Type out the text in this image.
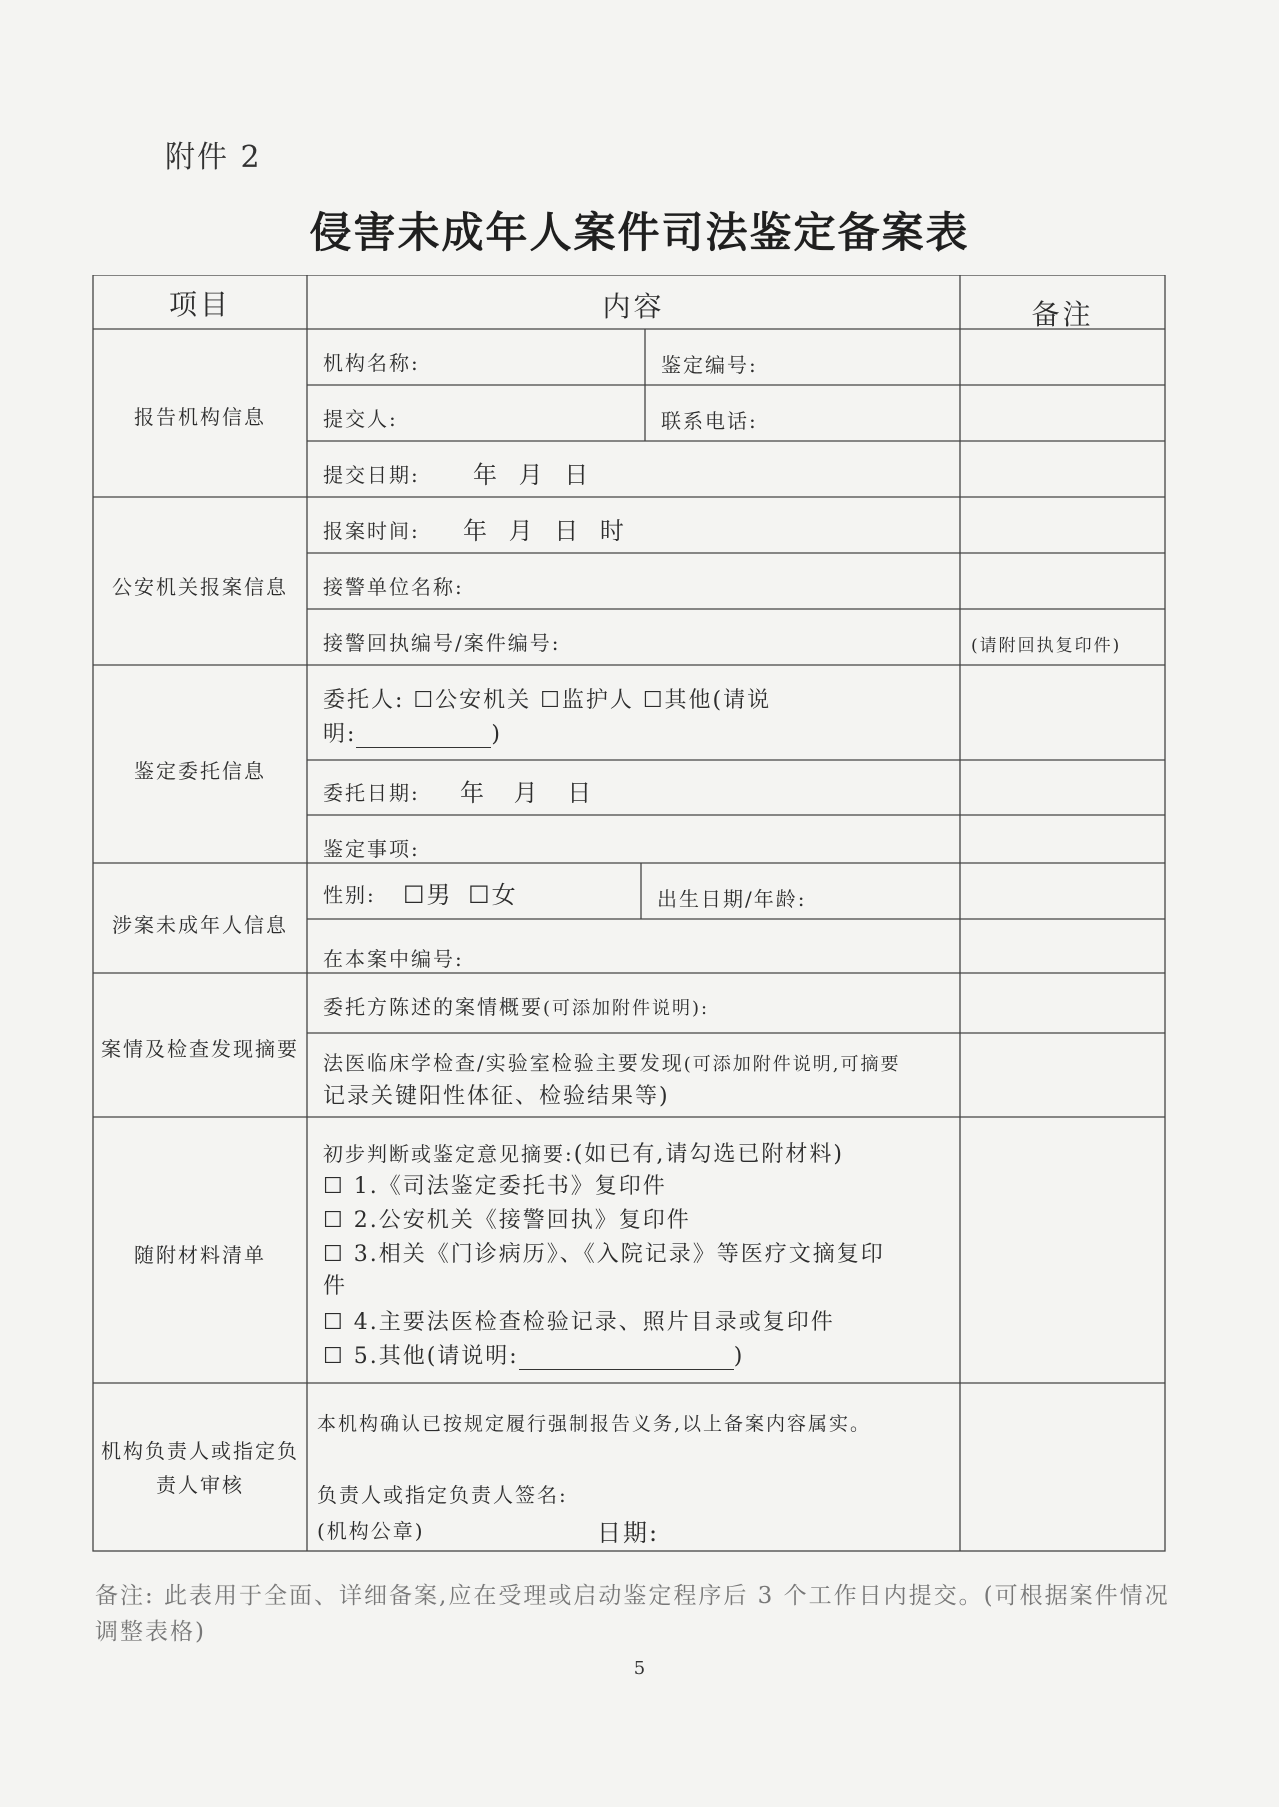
附件 2
侵害未成年人案件司法鉴定备案表
项目	内容	备注
报告机构信息
机构名称:	鉴定编号:
提交人:	联系电话:
提交日期: 年 月 日
公安机关报案信息
报案时间: 年 月 日 时
接警单位名称:
接警回执编号/案件编号:	(请附回执复印件)
鉴定委托信息
委托人: ☐公安机关 ☐监护人 ☐其他(请说
明:	)
委托日期: 年 月 日
鉴定事项:
涉案未成年人信息
性别: ☐男 ☐女	出生日期/年龄:
在本案中编号:
案情及检查发现摘要
委托方陈述的案情概要(可添加附件说明):
法医临床学检查/实验室检验主要发现(可添加附件说明,可摘要
记录关键阳性体征、检验结果等)
随附材料清单
初步判断或鉴定意见摘要:(如已有,请勾选已附材料)
☐ 1.《司法鉴定委托书》复印件
☐ 2.公安机关《接警回执》复印件
☐ 3.相关《门诊病历》、《入院记录》等医疗文摘复印
件
☐ 4.主要法医检查检验记录、照片目录或复印件
☐ 5.其他(请说明:	)
机构负责人或指定负
责人审核
本机构确认已按规定履行强制报告义务,以上备案内容属实。
负责人或指定负责人签名:
(机构公章)	日期:
备注: 此表用于全面、详细备案,应在受理或启动鉴定程序后 3 个工作日内提交。(可根据案件情况调整表格)
5
